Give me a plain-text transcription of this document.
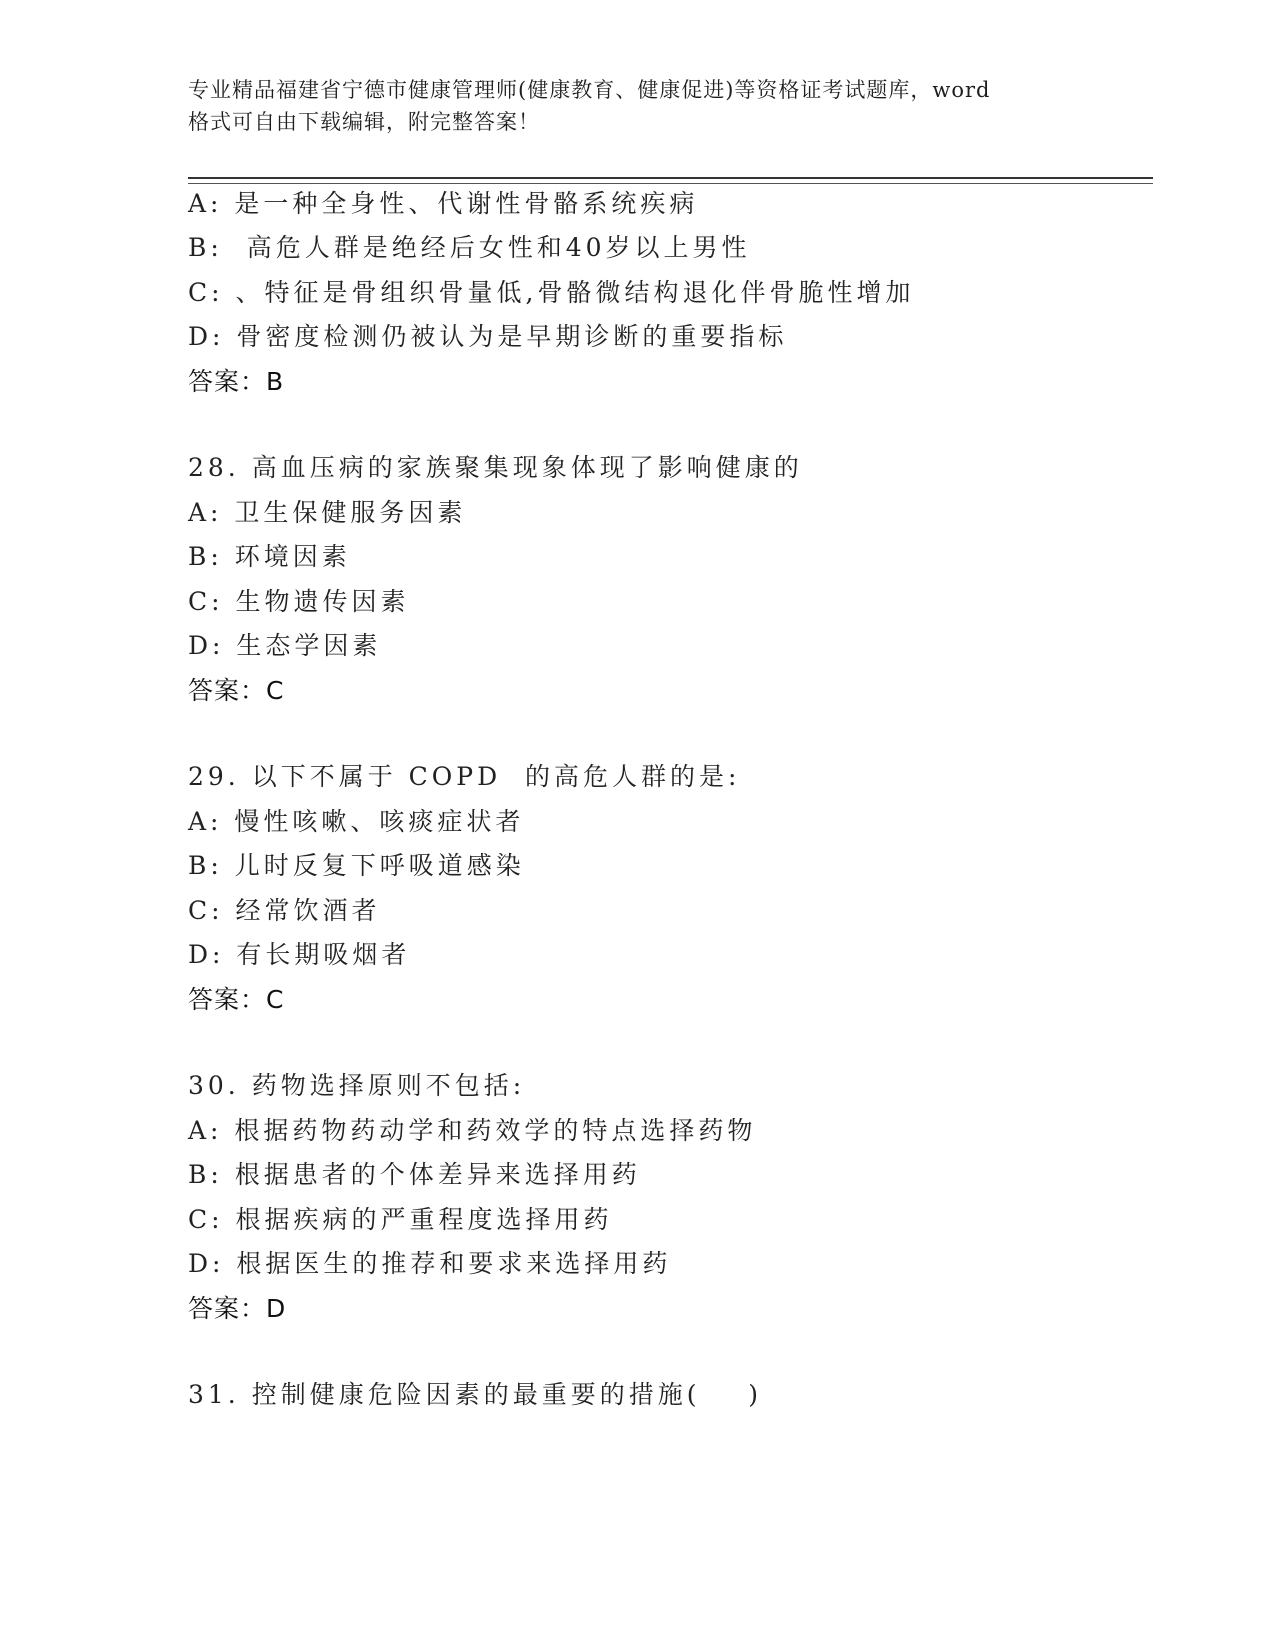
专业精品福建省宁德市健康管理师(健康教育、健康促进)等资格证考试题库，word
格式可自由下载编辑，附完整答案！
A: 是一种全身性、代谢性骨骼系统疾病
B:  高危人群是绝经后女性和40岁以上男性
C: 、特征是骨组织骨量低,骨骼微结构退化伴骨脆性增加
D: 骨密度检测仍被认为是早期诊断的重要指标
答案：B
28. 高血压病的家族聚集现象体现了影响健康的
A: 卫生保健服务因素
B: 环境因素
C: 生物遗传因素
D: 生态学因素
答案：C
29. 以下不属于 COPD  的高危人群的是:
A: 慢性咳嗽、咳痰症状者
B: 儿时反复下呼吸道感染
C: 经常饮酒者
D: 有长期吸烟者
答案：C
30. 药物选择原则不包括:
A: 根据药物药动学和药效学的特点选择药物
B: 根据患者的个体差异来选择用药
C: 根据疾病的严重程度选择用药
D: 根据医生的推荐和要求来选择用药
答案：D
31. 控制健康危险因素的最重要的措施(    )
